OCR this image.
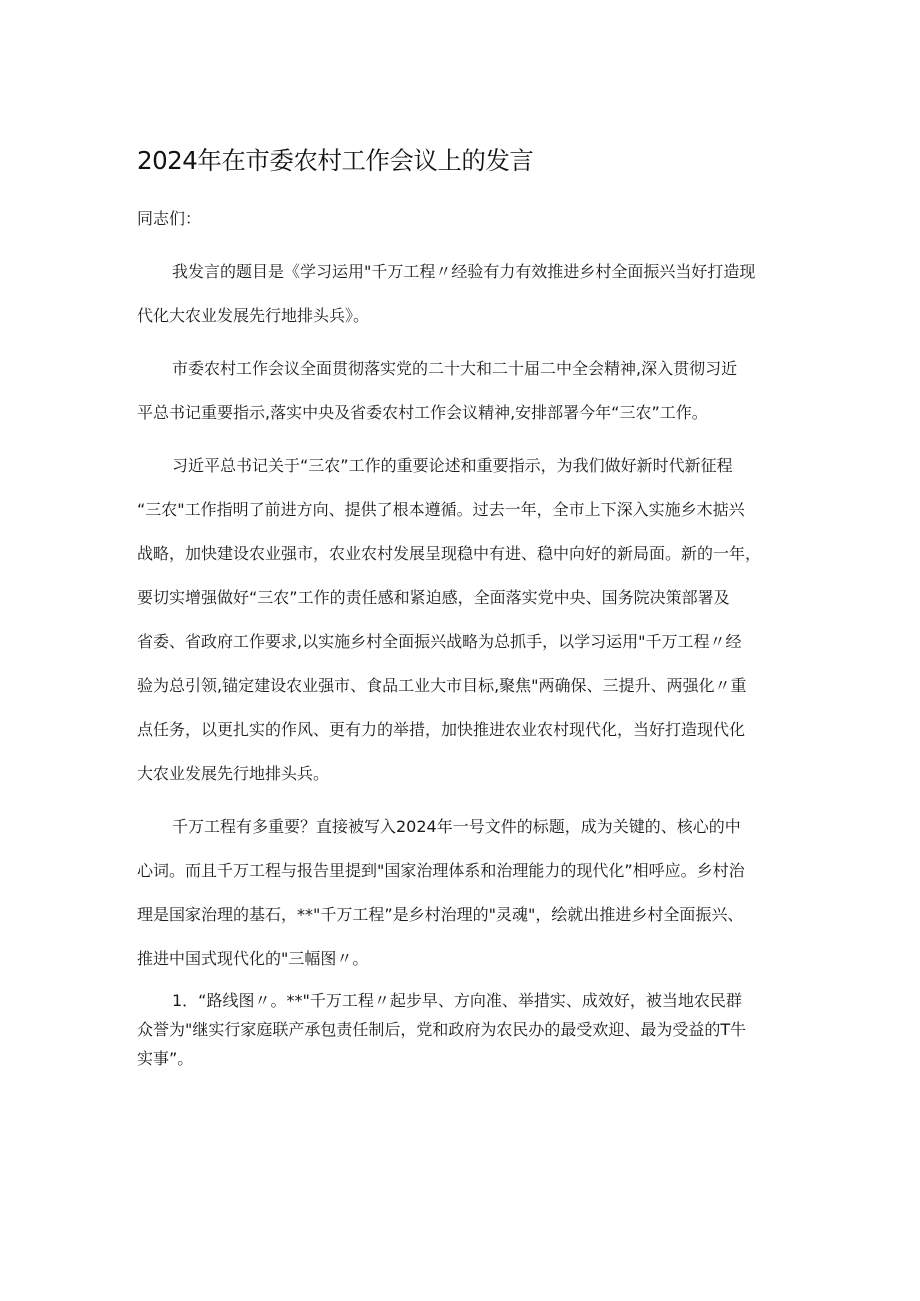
2024年在市委农村工作会议上的发言
同志们：
我发言的题目是《学习运用"千万工程〃经验有力有效推进乡村全面振兴当好打造现
代化大农业发展先行地排头兵》。
市委农村工作会议全面贯彻落实党的二十大和二十届二中全会精神,深入贯彻习近
平总书记重要指示,落实中央及省委农村工作会议精神,安排部署今年“三农”工作。
习近平总书记关于“三农”工作的重要论述和重要指示，为我们做好新时代新征程
“三农"工作指明了前进方向、提供了根本遵循。过去一年，全市上下深入实施乡木掂兴
战略，加快建设农业强市，农业农村发展呈现稳中有进、稳中向好的新局面。新的一年，
要切实增强做好“三农”工作的责任感和紧迫感，全面落实党中央、国务院决策部署及
省委、省政府工作要求,以实施乡村全面振兴战略为总抓手，以学习运用"千万工程〃经
验为总引领,锚定建设农业强市、食品工业大市目标,聚焦"两确保、三提升、两强化〃重
点任务，以更扎实的作风、更有力的举措，加快推进农业农村现代化，当好打造现代化
大农业发展先行地排头兵。
千万工程有多重要？直接被写入2024年一号文件的标题，成为关键的、核心的中
心词。而且千万工程与报告里提到"国家治理体系和治理能力的现代化”相呼应。乡村治
理是国家治理的基石，**"千万工程”是乡村治理的"灵魂"，绘就出推进乡村全面振兴、
推进中国式现代化的"三幅图〃。
1．“路线图〃。**"千万工程〃起步早、方向准、举措实、成效好，被当地农民群
众誉为"继实行家庭联产承包责任制后，党和政府为农民办的最受欢迎、最为受益的T牛
实事”。
